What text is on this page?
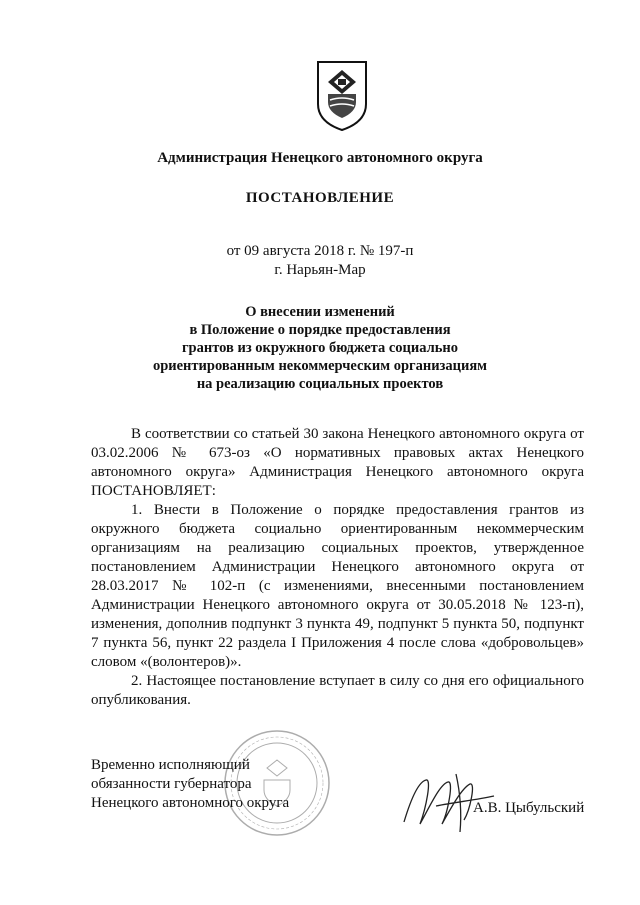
Администрация Ненецкого автономного округа
ПОСТАНОВЛЕНИЕ
от 09 августа 2018 г. № 197-п
г. Нарьян-Мар
О внесении изменений
в Положение о порядке предоставления
грантов из окружного бюджета социально
ориентированным некоммерческим организациям
на реализацию социальных проектов

В соответствии со статьей 30 закона Ненецкого автономного округа от 03.02.2006 № 673-оз «О нормативных правовых актах Ненецкого автономного округа» Администрация Ненецкого автономного округа ПОСТАНОВЛЯЕТ:

1. Внести в Положение о порядке предоставления грантов из окружного бюджета социально ориентированным некоммерческим организациям на реализацию социальных проектов, утвержденное постановлением Администрации Ненецкого автономного округа от 28.03.2017 № 102-п (с изменениями, внесенными постановлением Администрации Ненецкого автономного округа от 30.05.2018 № 123-п), изменения, дополнив подпункт 3 пункта 49, подпункт 5 пункта 50, подпункт 7 пункта 56, пункт 22 раздела I Приложения 4 после слова «добровольцев» словом «(волонтеров)».

2. Настоящее постановление вступает в силу со дня его официального опубликования.

Временно исполняющий
обязанности губернатора
Ненецкого автономного округа	А.В. Цыбульский
